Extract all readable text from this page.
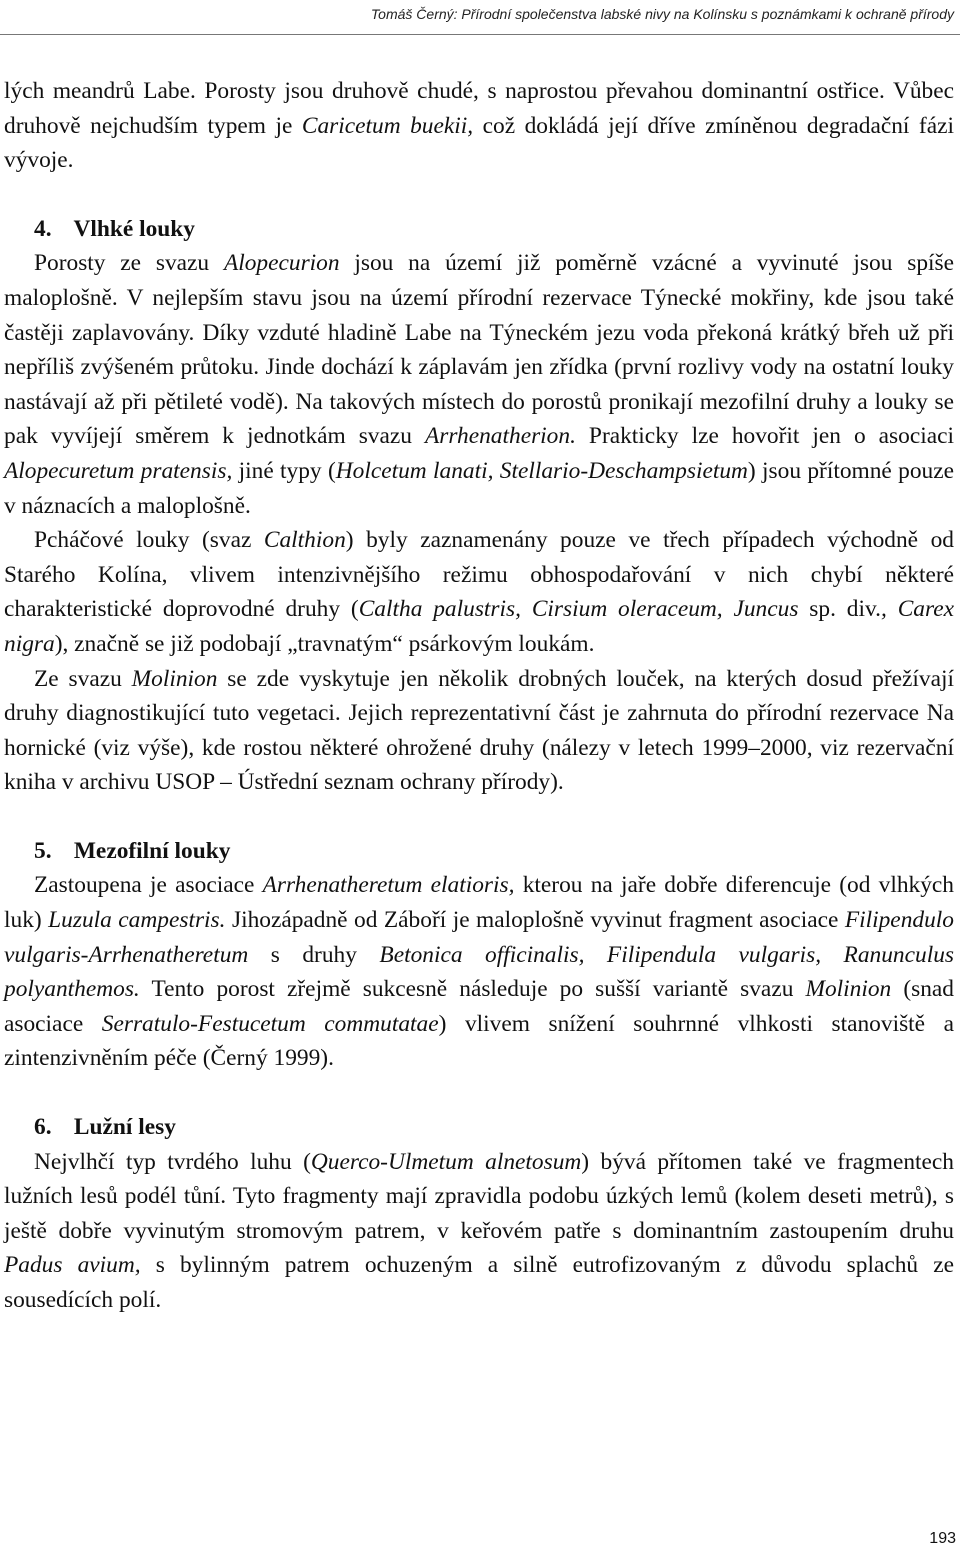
Tomáš Černý: Přírodní společenstva labské nivy na Kolínsku s poznámkami k ochraně přírody

lých meandrů Labe. Porosty jsou druhově chudé, s naprostou převahou dominantní ostřice. Vůbec druhově nejchudším typem je Caricetum buekii, což dokládá její dříve zmíněnou degradační fázi vývoje.

4. Vlhké louky

Porosty ze svazu Alopecurion jsou na území již poměrně vzácné a vyvinuté jsou spíše maloplošně. V nejlepším stavu jsou na území přírodní rezervace Týnecké mokřiny, kde jsou také častěji zaplavovány. Díky vzduté hladině Labe na Týneckém jezu voda překoná krátký břeh už při nepříliš zvýšeném průtoku. Jinde dochází k záplavám jen zřídka (první rozlivy vody na ostatní louky nastávají až při pětileté vodě). Na takových místech do porostů pronikají mezofilní druhy a louky se pak vyvíjejí směrem k jednotkám svazu Arrhenatherion. Prakticky lze hovořit jen o asociaci Alopecuretum pratensis, jiné typy (Holcetum lanati, Stellario-Deschampsietum) jsou přítomné pouze v náznacích a maloplošně.

Pcháčové louky (svaz Calthion) byly zaznamenány pouze ve třech případech východně od Starého Kolína, vlivem intenzivnějšího režimu obhospodařování v nich chybí některé charakteristické doprovodné druhy (Caltha palustris, Cirsium oleraceum, Juncus sp. div., Carex nigra), značně se již podobají „travnatým“ psárkovým loukám.

Ze svazu Molinion se zde vyskytuje jen několik drobných louček, na kterých dosud přežívají druhy diagnostikující tuto vegetaci. Jejich reprezentativní část je zahrnuta do přírodní rezervace Na hornické (viz výše), kde rostou některé ohrožené druhy (nálezy v letech 1999–2000, viz rezervační kniha v archivu USOP – Ústřední seznam ochrany přírody).

5. Mezofilní louky

Zastoupena je asociace Arrhenatheretum elatioris, kterou na jaře dobře diferencuje (od vlhkých luk) Luzula campestris. Jihozápadně od Záboří je maloplošně vyvinut fragment asociace Filipendulo vulgaris-Arrhenatheretum s druhy Betonica officinalis, Filipendula vulgaris, Ranunculus polyanthemos. Tento porost zřejmě sukcesně následuje po sušší variantě svazu Molinion (snad asociace Serratulo-Festucetum commutatae) vlivem snížení souhrnné vlhkosti stanoviště a zintenzivněním péče (Černý 1999).

6. Lužní lesy

Nejvlhčí typ tvrdého luhu (Querco-Ulmetum alnetosum) bývá přítomen také ve fragmentech lužních lesů podél tůní. Tyto fragmenty mají zpravidla podobu úzkých lemů (kolem deseti metrů), s ještě dobře vyvinutým stromovým patrem, v keřovém patře s dominantním zastoupením druhu Padus avium, s bylinným patrem ochuzeným a silně eutrofizovaným z důvodu splachů ze sousedících polí.

193
